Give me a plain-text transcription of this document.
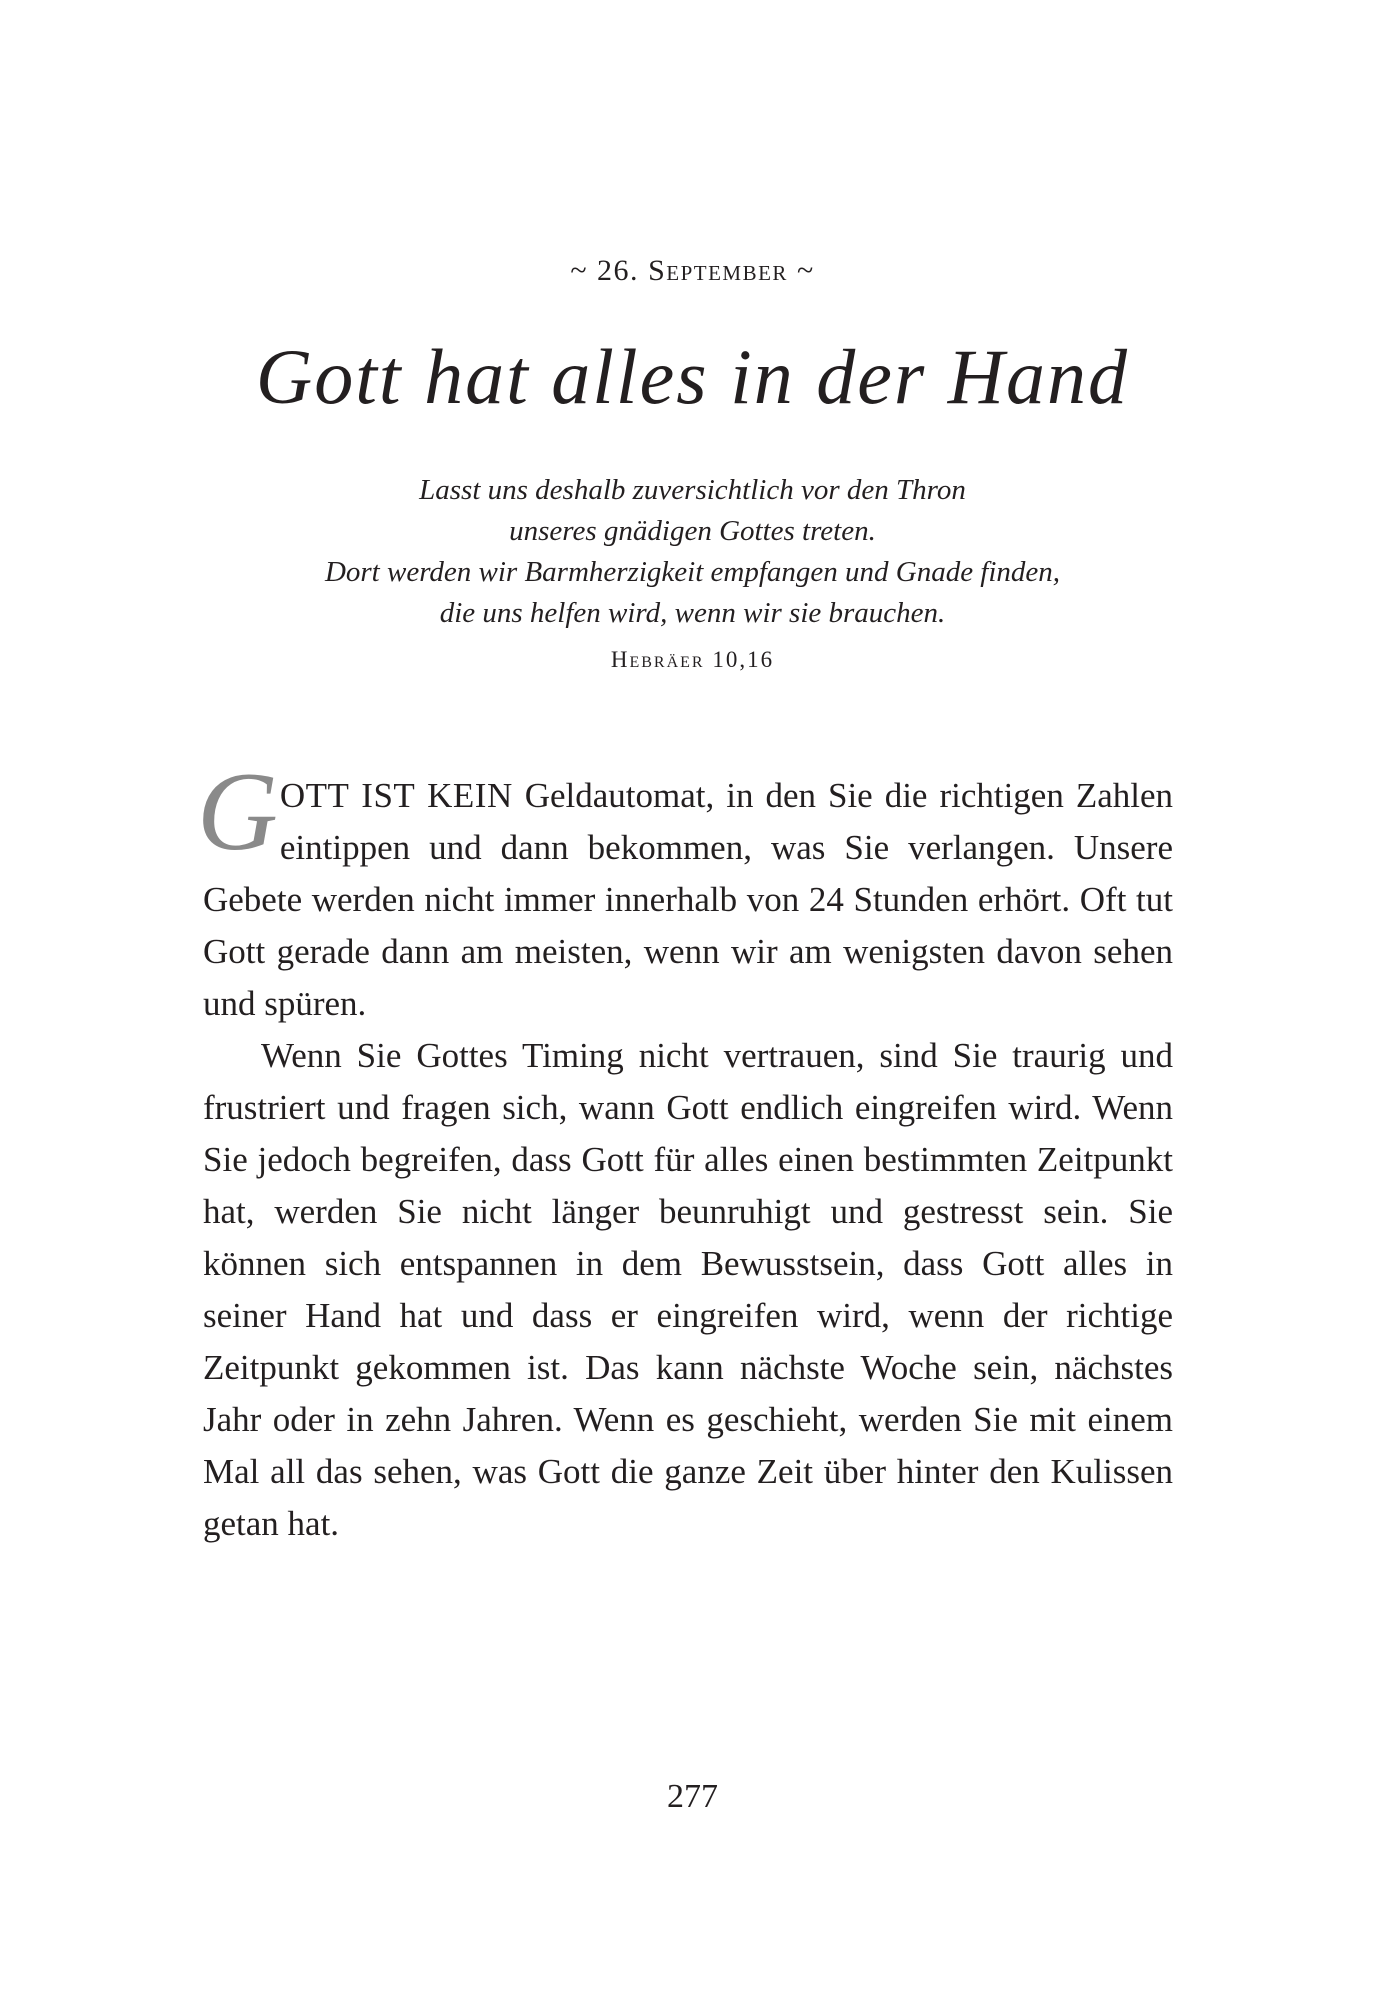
~ 26. September ~
Gott hat alles in der Hand
Lasst uns deshalb zuversichtlich vor den Thron
unseres gnädigen Gottes treten.
Dort werden wir Barmherzigkeit empfangen und Gnade finden,
die uns helfen wird, wenn wir sie brauchen.
Hebräer 10,16

GOTT IST KEIN Geldautomat, in den Sie die richtigen Zahlen eintippen und dann bekommen, was Sie verlangen. Unsere Gebete werden nicht immer innerhalb von 24 Stunden erhört. Oft tut Gott gerade dann am meisten, wenn wir am wenigsten davon sehen und spüren.

Wenn Sie Gottes Timing nicht vertrauen, sind Sie traurig und frustriert und fragen sich, wann Gott endlich eingreifen wird. Wenn Sie jedoch begreifen, dass Gott für alles einen bestimmten Zeitpunkt hat, werden Sie nicht länger beunruhigt und gestresst sein. Sie können sich entspannen in dem Bewusstsein, dass Gott alles in seiner Hand hat und dass er eingreifen wird, wenn der richtige Zeitpunkt gekommen ist. Das kann nächste Woche sein, nächstes Jahr oder in zehn Jahren. Wenn es geschieht, werden Sie mit einem Mal all das sehen, was Gott die ganze Zeit über hinter den Kulissen getan hat.

277
